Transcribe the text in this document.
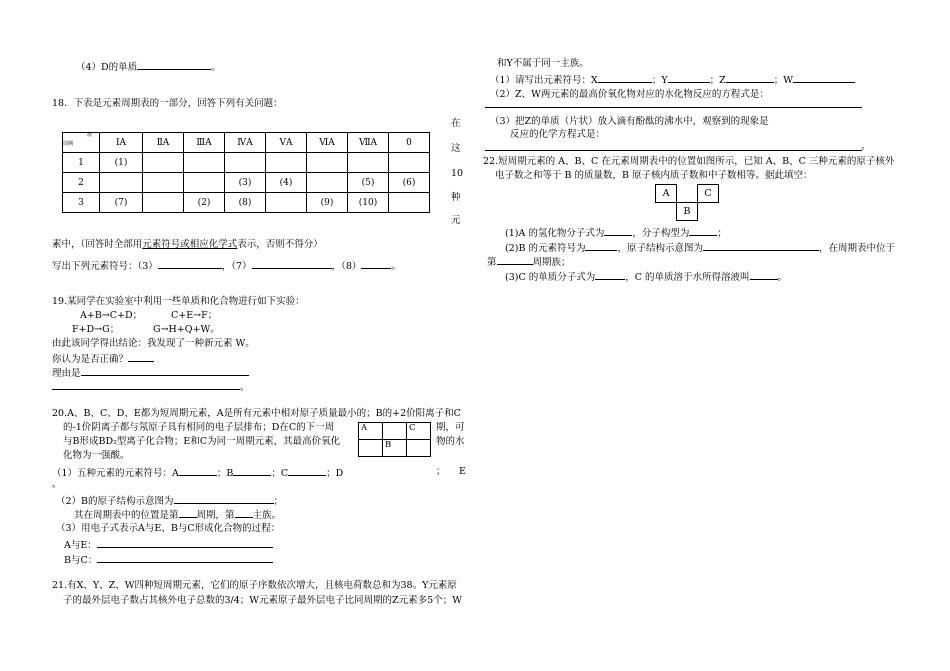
（4）D的单质	。
18．下表是元素周期表的一部分，回答下列有关问题：
族
周期	ⅠA	ⅡA	ⅢA	ⅣA	ⅤA	ⅥA	ⅦA	0
1	(1)							
2				(3)	(4)		(5)	(6)
3	(7)		(2)	(8)		(9)	(10)	
在
这
10
种
元
素中，（回答时全部用元素符号或相应化学式表示，否则不得分）
写出下列元素符号：（3）	，（7）	，（8）	。
19.某同学在实验室中利用一些单质和化合物进行如下实验：
A+B→C+D；	C+E→F；
F+D→G；	G→H+Q+W。
由此该同学得出结论：我发现了一种新元素 W。
你认为是否正确？
理由是
。
20.A、B、C、D、E都为短周期元素，A是所有元素中相对原子质量最小的；B的+2价阳离子和C
的-1价阴离子都与氖原子具有相同的电子层排布；D在C的下一周	期，可
与B形成BD₂型离子化合物；E和C为同一周期元素，其最高价氧化	物的水
化物为一强酸。
A		C
	B	
（1）五种元素的元素符号：A	；B	；C	；D	； E
。
（2）B的原子结构示意图为	；
其在周期表中的位置是第 周期，第 主族。
（3）用电子式表示A与E、B与C形成化合物的过程：
A与E：
B与C：
21.有X、Y、Z、W四种短周期元素，它们的原子序数依次增大，且核电荷数总和为38。Y元素原
子的最外层电子数占其核外电子总数的3/4；W元素原子最外层电子比同周期的Z元素多5个；W
和Y不属于同一主族。
（1）请写出元素符号：X	；Y	；Z	；W
（2）Z、W两元素的最高价氧化物对应的水化物反应的方程式是：
（3）把Z的单质（片状）放入滴有酚酞的沸水中，观察到的现象是
反应的化学方程式是：
。
22.短周期元素的 A、B、C 在元素周期表中的位置如图所示，已知 A、B、C 三种元素的原子核外
电子数之和等于 B 的质量数，B 原子核内质子数和中子数相等。据此填空：
A		C
	B	
(1)A 的氢化物分子式为	，分子构型为	；
(2)B 的元素符号为	，原子结构示意图为	，在周期表中位于
第	周期族；
(3)C 的单质分子式为	，C 的单质溶于水所得溶液叫	。
